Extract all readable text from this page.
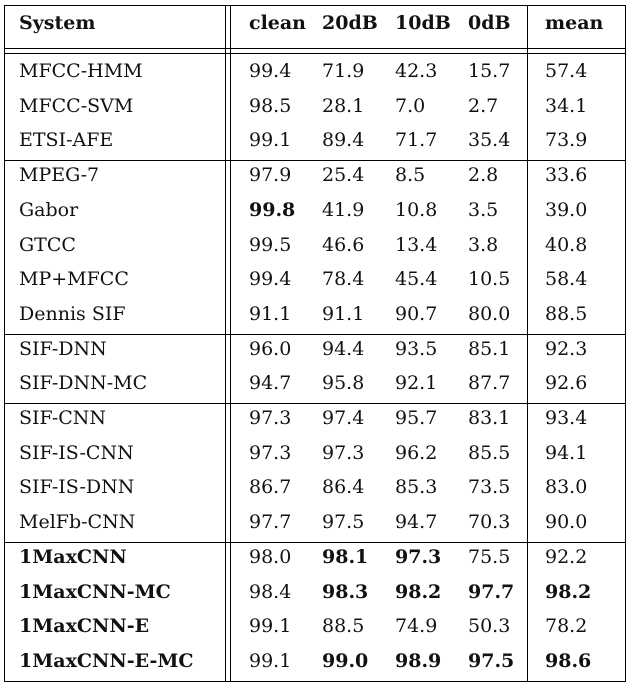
System	clean 20dB 10dB 0dB mean
MFCC-HMM	99.4 71.9 42.3 15.7 57.4
MFCC-SVM	98.5 28.1 7.0 2.7 34.1
ETSI-AFE	99.1 89.4 71.7 35.4 73.9
MPEG-7	97.9 25.4 8.5 2.8 33.6
Gabor	99.8 41.9 10.8 3.5 39.0
GTCC	99.5 46.6 13.4 3.8 40.8
MP+MFCC	99.4 78.4 45.4 10.5 58.4
Dennis SIF	91.1 91.1 90.7 80.0 88.5
SIF-DNN	96.0 94.4 93.5 85.1 92.3
SIF-DNN-MC	94.7 95.8 92.1 87.7 92.6
SIF-CNN	97.3 97.4 95.7 83.1 93.4
SIF-IS-CNN	97.3 97.3 96.2 85.5 94.1
SIF-IS-DNN	86.7 86.4 85.3 73.5 83.0
MelFb-CNN	97.7 97.5 94.7 70.3 90.0
1MaxCNN	98.0 98.1 97.3 75.5 92.2
1MaxCNN-MC	98.4 98.3 98.2 97.7 98.2
1MaxCNN-E	99.1 88.5 74.9 50.3 78.2
1MaxCNN-E-MC	99.1 99.0 98.9 97.5 98.6
